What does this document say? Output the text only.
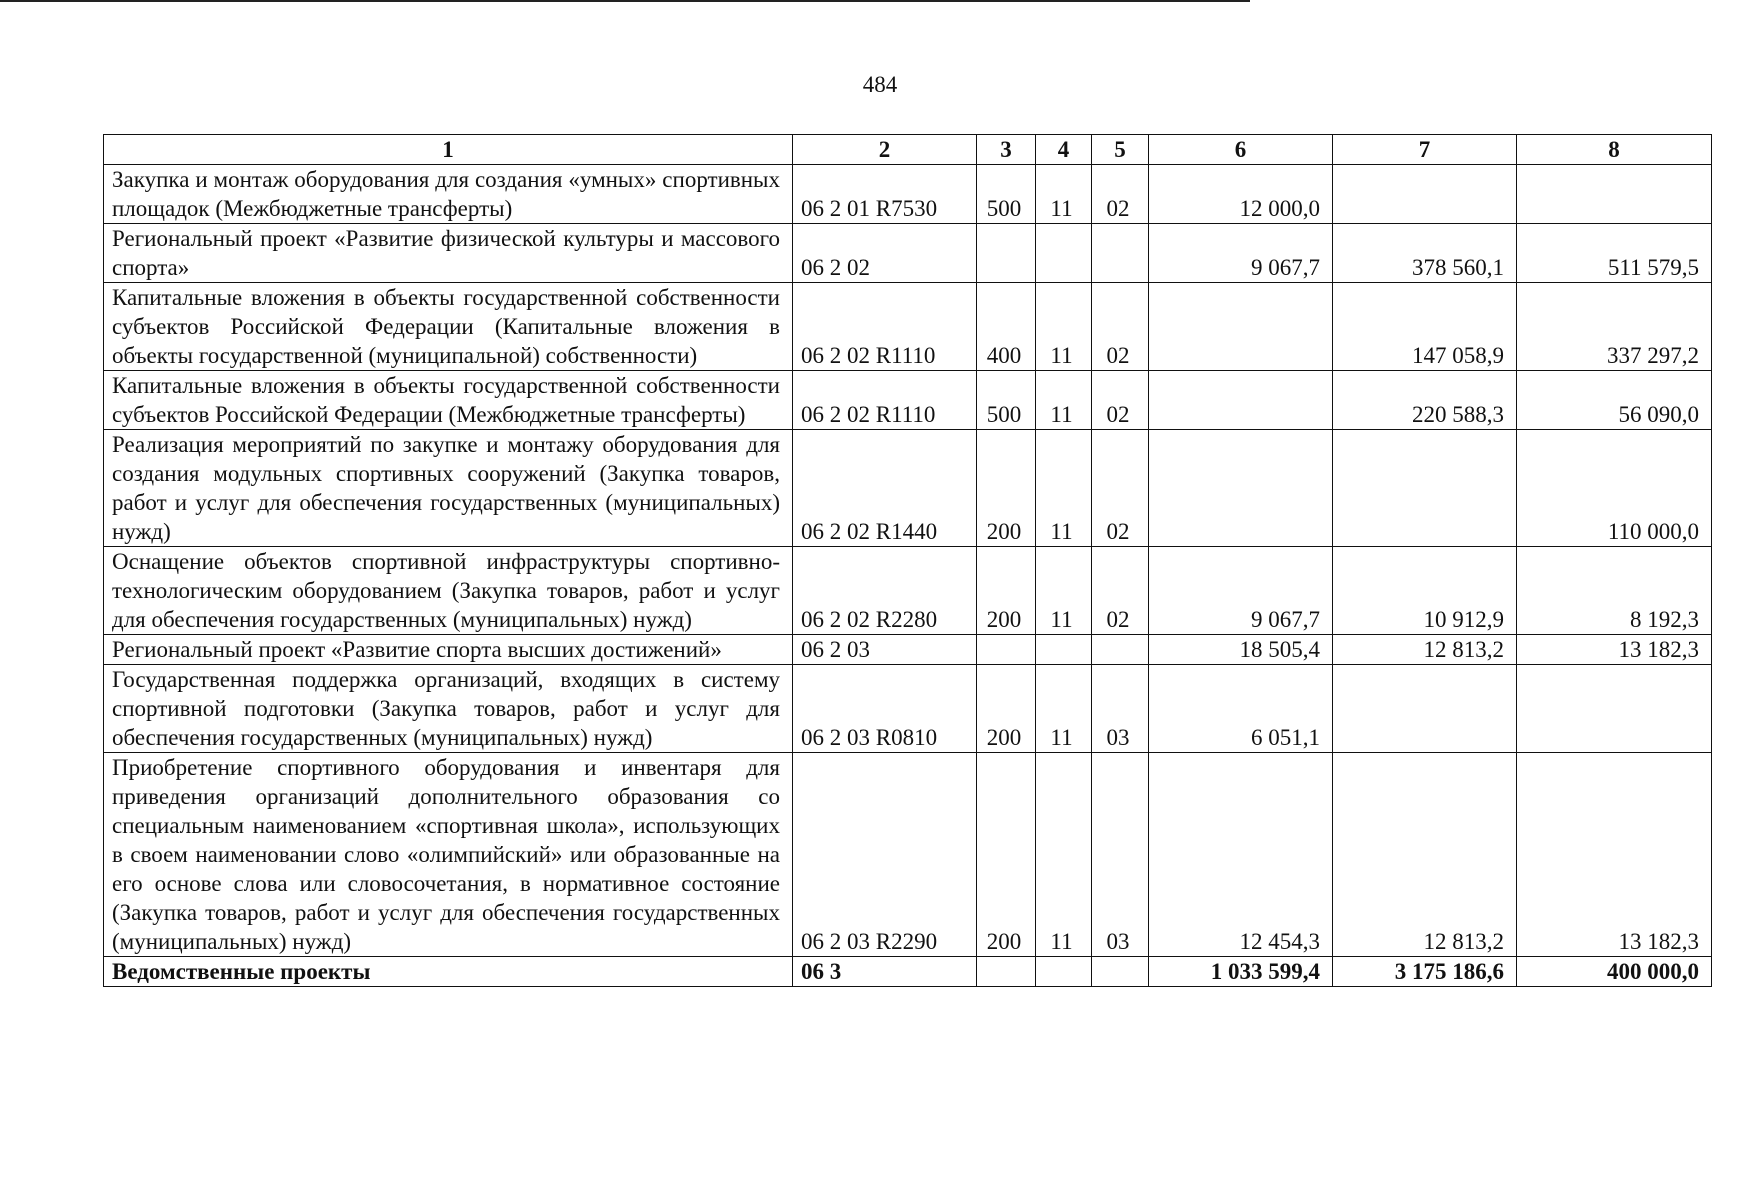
484
1	2	3	4	5	6	7	8
Закупка и монтаж оборудования для создания «умных» спортивных площадок (Межбюджетные трансферты)	06 2 01 R7530	500	11	02	12 000,0		
Региональный проект «Развитие физической культуры и массового спорта»	06 2 02				9 067,7	378 560,1	511 579,5
Капитальные вложения в объекты государственной собственности субъектов Российской Федерации (Капитальные вложения в объекты государственной (муниципальной) собственности)	06 2 02 R1110	400	11	02		147 058,9	337 297,2
Капитальные вложения в объекты государственной собственности субъектов Российской Федерации (Межбюджетные трансферты)	06 2 02 R1110	500	11	02		220 588,3	56 090,0
Реализация мероприятий по закупке и монтажу оборудования для создания модульных спортивных сооружений (Закупка товаров, работ и услуг для обеспечения государственных (муниципальных) нужд)	06 2 02 R1440	200	11	02			110 000,0
Оснащение объектов спортивной инфраструктуры спортивно-технологическим оборудованием (Закупка товаров, работ и услуг для обеспечения государственных (муниципальных) нужд)	06 2 02 R2280	200	11	02	9 067,7	10 912,9	8 192,3
Региональный проект «Развитие спорта высших достижений»	06 2 03				18 505,4	12 813,2	13 182,3
Государственная поддержка организаций, входящих в систему спортивной подготовки (Закупка товаров, работ и услуг для обеспечения государственных (муниципальных) нужд)	06 2 03 R0810	200	11	03	6 051,1		
Приобретение спортивного оборудования и инвентаря для приведения организаций дополнительного образования со специальным наименованием «спортивная школа», использующих в своем наименовании слово «олимпийский» или образованные на его основе слова или словосочетания, в нормативное состояние (Закупка товаров, работ и услуг для обеспечения государственных (муниципальных) нужд)	06 2 03 R2290	200	11	03	12 454,3	12 813,2	13 182,3
Ведомственные проекты	06 3				1 033 599,4	3 175 186,6	400 000,0
